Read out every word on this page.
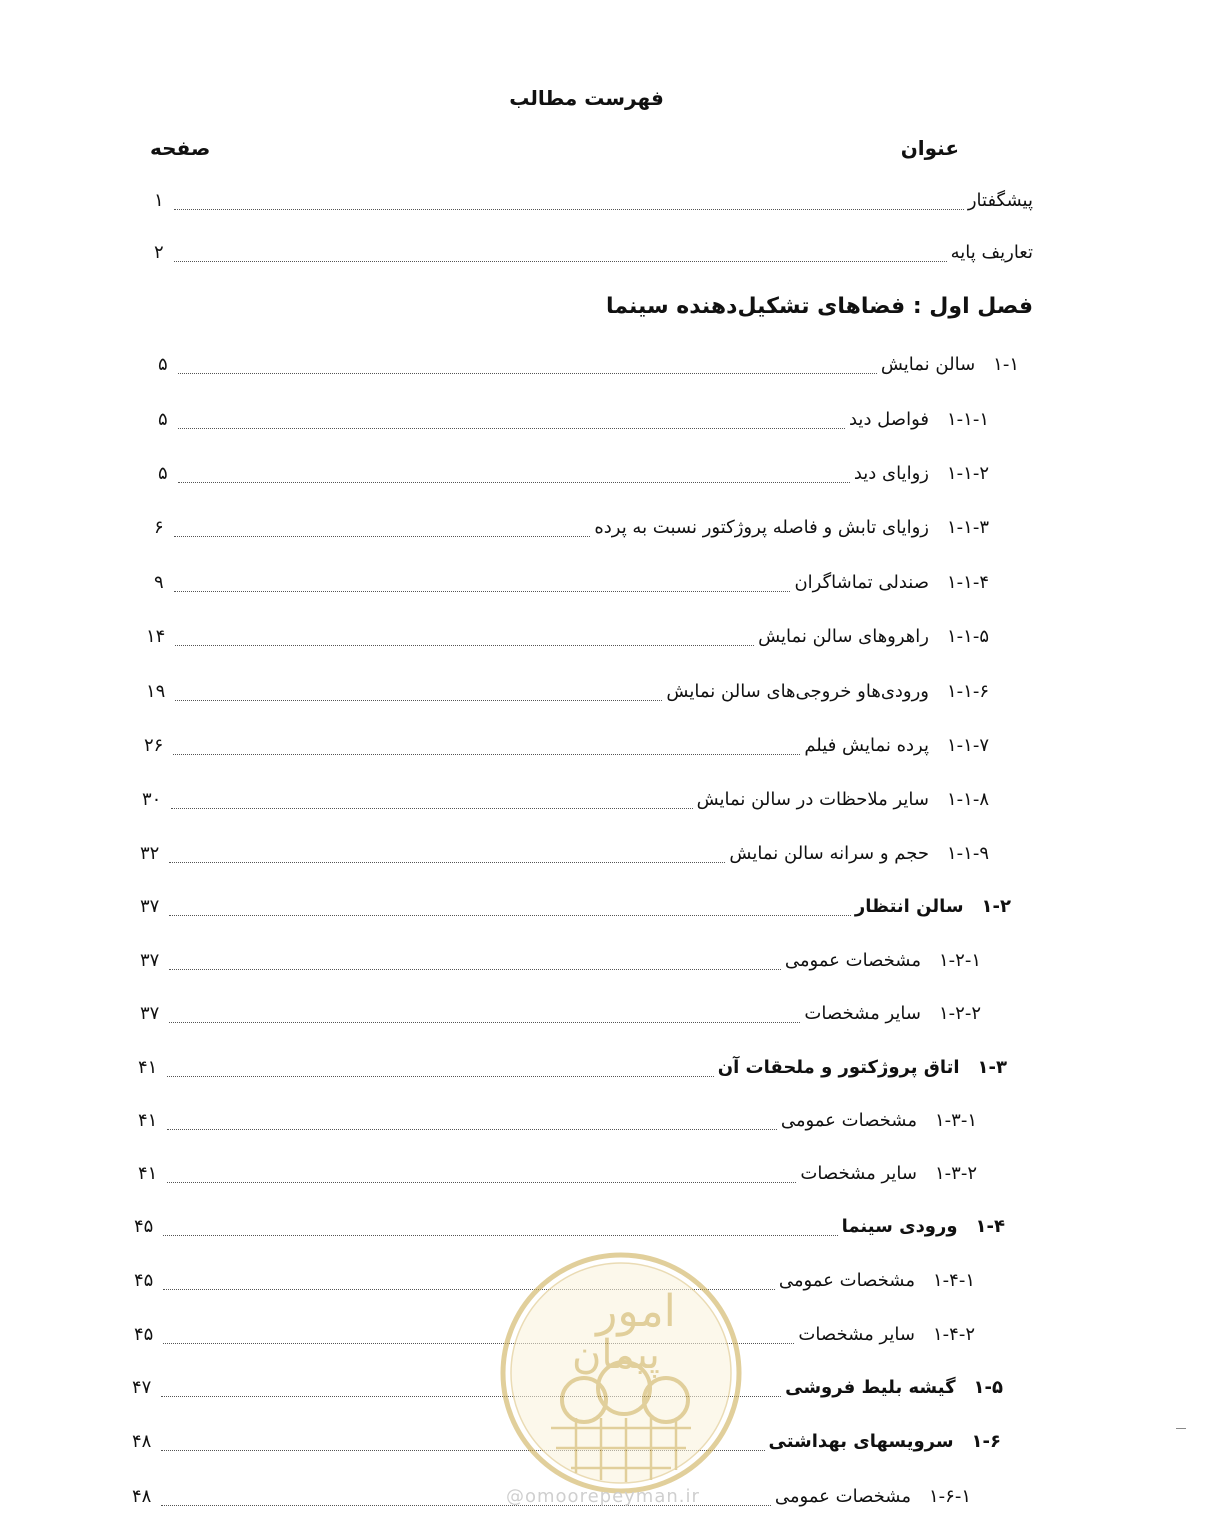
فهرست مطالب
عنوان
صفحه
فصل اول : فضاهای تشکیل‌دهنده سینما
پیشگفتار
۱
تعاریف پایه
۲
۱-۱سالن نمایش
۵
۱-۱-۱فواصل دید
۵
۱-۱-۲زوایای دید
۵
۱-۱-۳زوایای تابش و فاصله پروژکتور نسبت به پرده
۶
۱-۱-۴صندلی تماشاگران
۹
۱-۱-۵راهروهای سالن نمایش
۱۴
۱-۱-۶ورودی‌هاو خروجی‌های سالن نمایش
۱۹
۱-۱-۷پرده نمایش فیلم
۲۶
۱-۱-۸سایر ملاحظات در سالن نمایش
۳۰
۱-۱-۹حجم و سرانه سالن نمایش
۳۲
۱-۲سالن انتظار
۳۷
۱-۲-۱مشخصات عمومی
۳۷
۱-۲-۲سایر مشخصات
۳۷
۱-۳اتاق پروژکتور و ملحقات آن
۴۱
۱-۳-۱مشخصات عمومی
۴۱
۱-۳-۲سایر مشخصات
۴۱
۱-۴ورودی سینما
۴۵
۱-۴-۱مشخصات عمومی
۴۵
۱-۴-۲سایر مشخصات
۴۵
۱-۵گیشه بلیط فروشی
۴۷
۱-۶سرویسهای بهداشتی
۴۸
۱-۶-۱مشخصات عمومی
۴۸
امور
پیمان
@omoorepeyman.ir
